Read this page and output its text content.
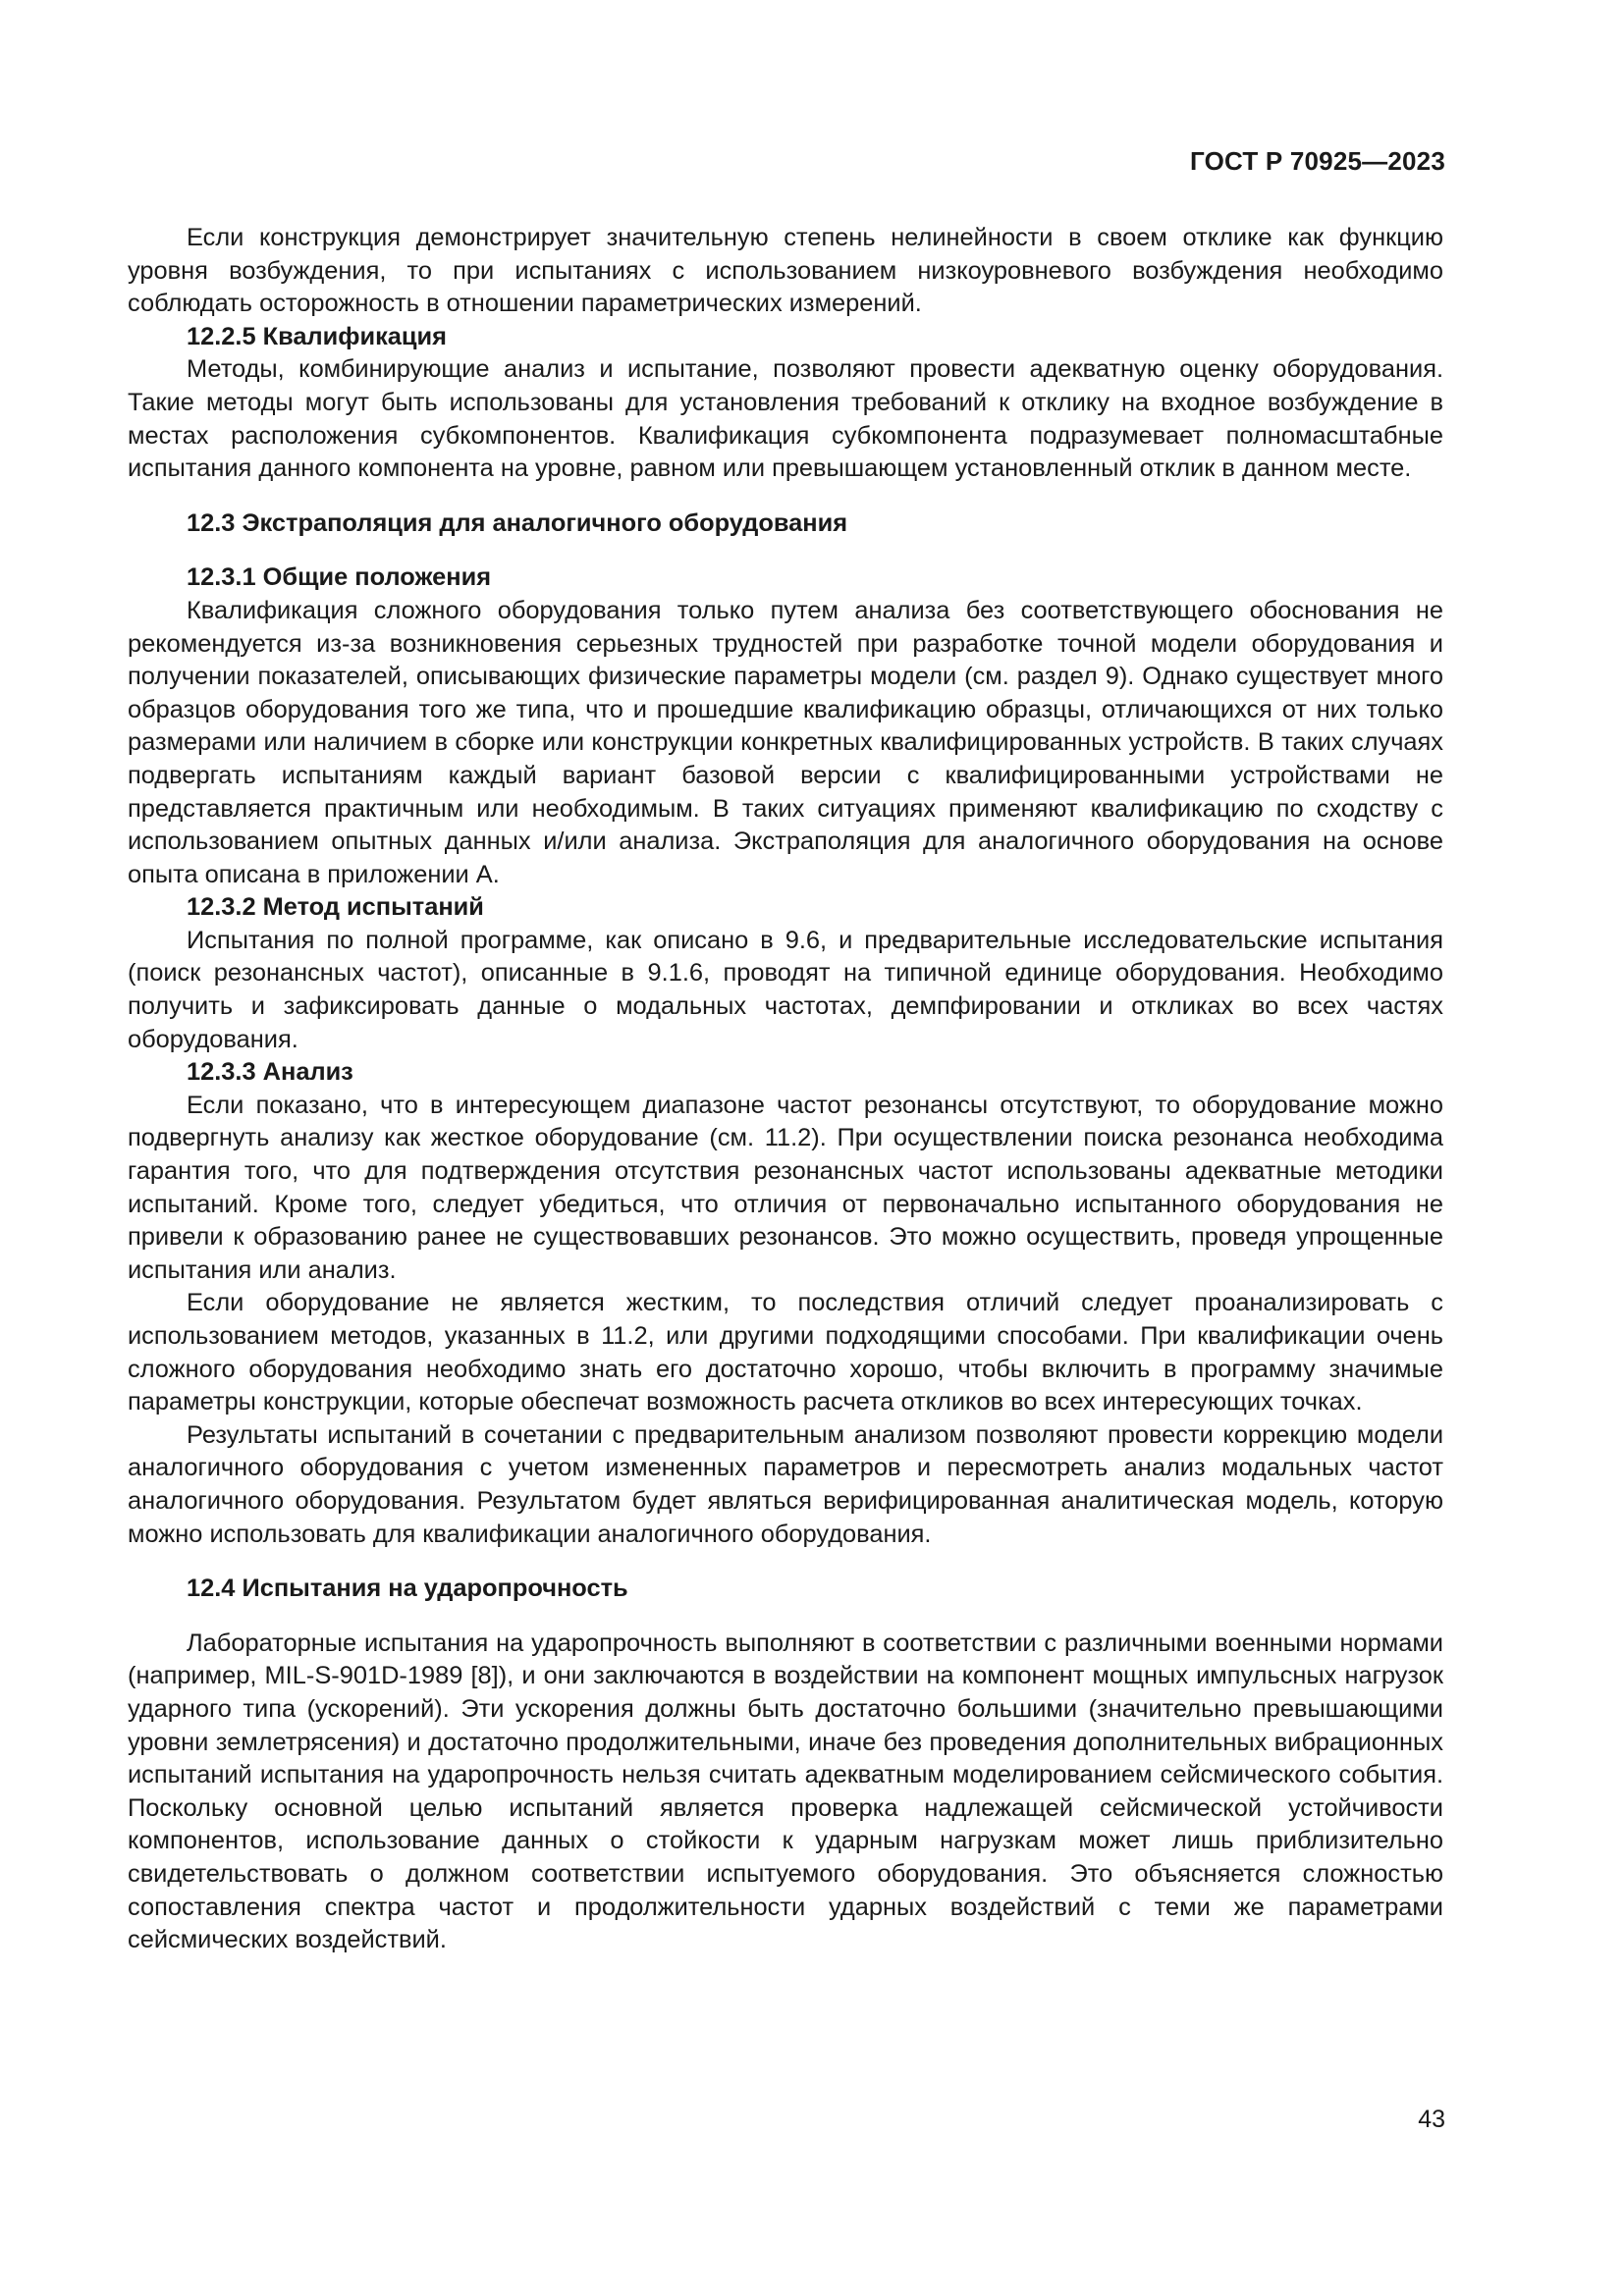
ГОСТ Р 70925—2023

Если конструкция демонстрирует значительную степень нелинейности в своем отклике как функцию уровня возбуждения, то при испытаниях с использованием низкоуровневого возбуждения необходимо соблюдать осторожность в отношении параметрических измерений.

12.2.5 Квалификация

Методы, комбинирующие анализ и испытание, позволяют провести адекватную оценку оборудования. Такие методы могут быть использованы для установления требований к отклику на входное возбуждение в местах расположения субкомпонентов. Квалификация субкомпонента подразумевает полномасштабные испытания данного компонента на уровне, равном или превышающем установленный отклик в данном месте.

12.3 Экстраполяция для аналогичного оборудования
12.3.1 Общие положения

Квалификация сложного оборудования только путем анализа без соответствующего обоснования не рекомендуется из-за возникновения серьезных трудностей при разработке точной модели оборудования и получении показателей, описывающих физические параметры модели (см. раздел 9). Однако существует много образцов оборудования того же типа, что и прошедшие квалификацию образцы, отличающихся от них только размерами или наличием в сборке или конструкции конкретных квалифицированных устройств. В таких случаях подвергать испытаниям каждый вариант базовой версии с квалифицированными устройствами не представляется практичным или необходимым. В таких ситуациях применяют квалификацию по сходству с использованием опытных данных и/или анализа. Экстраполяция для аналогичного оборудования на основе опыта описана в приложении А.

12.3.2 Метод испытаний

Испытания по полной программе, как описано в 9.6, и предварительные исследовательские испытания (поиск резонансных частот), описанные в 9.1.6, проводят на типичной единице оборудования. Необходимо получить и зафиксировать данные о модальных частотах, демпфировании и откликах во всех частях оборудования.

12.3.3 Анализ

Если показано, что в интересующем диапазоне частот резонансы отсутствуют, то оборудование можно подвергнуть анализу как жесткое оборудование (см. 11.2). При осуществлении поиска резонанса необходима гарантия того, что для подтверждения отсутствия резонансных частот использованы адекватные методики испытаний. Кроме того, следует убедиться, что отличия от первоначально испытанного оборудования не привели к образованию ранее не существовавших резонансов. Это можно осуществить, проведя упрощенные испытания или анализ.

Если оборудование не является жестким, то последствия отличий следует проанализировать с использованием методов, указанных в 11.2, или другими подходящими способами. При квалификации очень сложного оборудования необходимо знать его достаточно хорошо, чтобы включить в программу значимые параметры конструкции, которые обеспечат возможность расчета откликов во всех интересующих точках.

Результаты испытаний в сочетании с предварительным анализом позволяют провести коррекцию модели аналогичного оборудования с учетом измененных параметров и пересмотреть анализ модальных частот аналогичного оборудования. Результатом будет являться верифицированная аналитическая модель, которую можно использовать для квалификации аналогичного оборудования.

12.4 Испытания на ударопрочность

Лабораторные испытания на ударопрочность выполняют в соответствии с различными военными нормами (например, MIL-S-901D-1989 [8]), и они заключаются в воздействии на компонент мощных импульсных нагрузок ударного типа (ускорений). Эти ускорения должны быть достаточно большими (значительно превышающими уровни землетрясения) и достаточно продолжительными, иначе без проведения дополнительных вибрационных испытаний испытания на ударопрочность нельзя считать адекватным моделированием сейсмического события. Поскольку основной целью испытаний является проверка надлежащей сейсмической устойчивости компонентов, использование данных о стойкости к ударным нагрузкам может лишь приблизительно свидетельствовать о должном соответствии испытуемого оборудования. Это объясняется сложностью сопоставления спектра частот и продолжительности ударных воздействий с теми же параметрами сейсмических воздействий.

43
